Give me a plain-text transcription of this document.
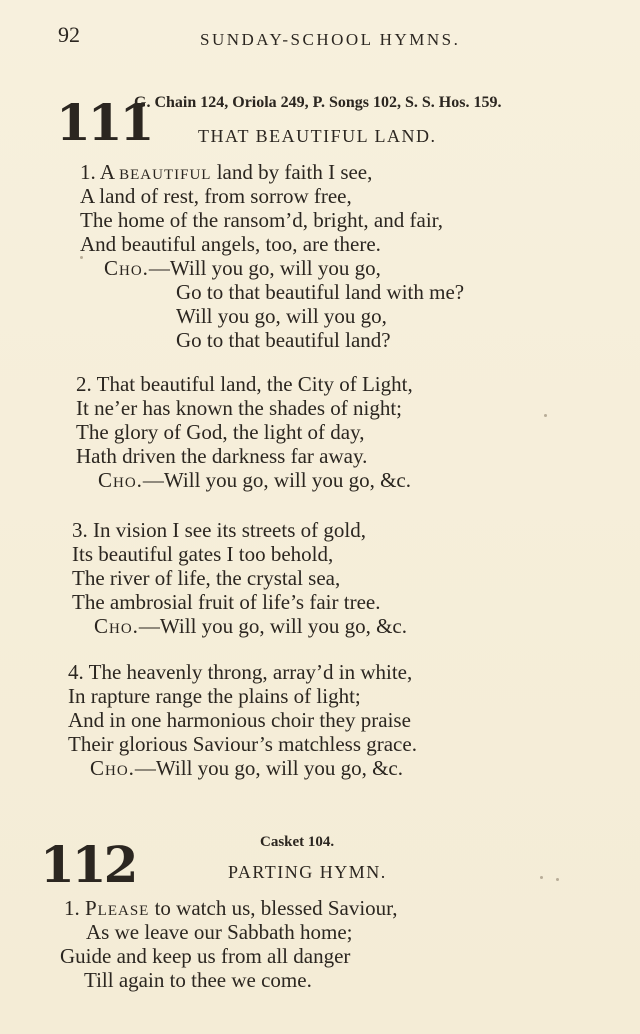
92	SUNDAY-SCHOOL HYMNS.
111
G. Chain 124, Oriola 249, P. Songs 102, S. S. Hos. 159.
THAT BEAUTIFUL LAND.
1. A beautiful land by faith I see,
A land of rest, from sorrow free,
The home of the ransom’d, bright, and fair,
And beautiful angels, too, are there.
Cho.—Will you go, will you go,
Go to that beautiful land with me?
Will you go, will you go,
Go to that beautiful land?
2. That beautiful land, the City of Light,
It ne’er has known the shades of night;
The glory of God, the light of day,
Hath driven the darkness far away.
Cho.—Will you go, will you go, &c.
3. In vision I see its streets of gold,
Its beautiful gates I too behold,
The river of life, the crystal sea,
The ambrosial fruit of life’s fair tree.
Cho.—Will you go, will you go, &c.
4. The heavenly throng, array’d in white,
In rapture range the plains of light;
And in one harmonious choir they praise
Their glorious Saviour’s matchless grace.
Cho.—Will you go, will you go, &c.
112	Casket 104.
PARTING HYMN.
1. Please to watch us, blessed Saviour,
As we leave our Sabbath home;
Guide and keep us from all danger
Till again to thee we come.
